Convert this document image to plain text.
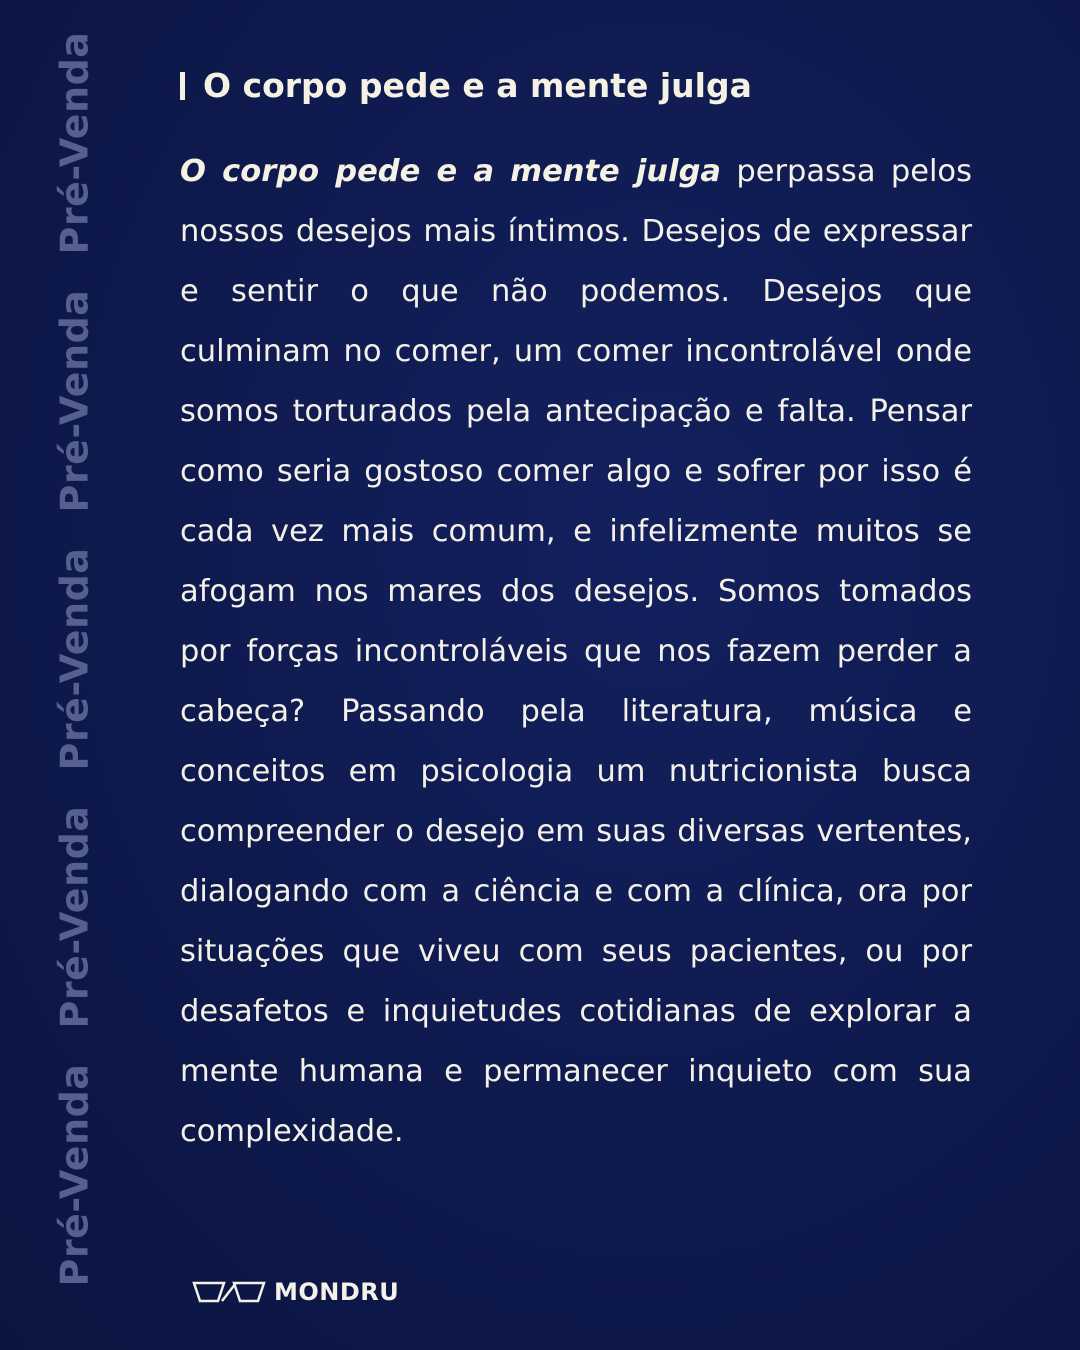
Pré-Venda
Pré-Venda
Pré-Venda
Pré-Venda
Pré-Venda
O corpo pede e a mente julga
O corpo pede e a mente julga perpassa pelos nossos desejos mais íntimos. Desejos de expressar e sentir o que não podemos. Desejos que culminam no comer, um comer incontrolável onde somos torturados pela antecipação e falta. Pensar como seria gostoso comer algo e sofrer por isso é cada vez mais comum, e infelizmente muitos se afogam nos mares dos desejos. Somos tomados por forças incontroláveis que nos fazem perder a cabeça? Passando pela literatura, música e conceitos em psicologia um nutricionista busca compreender o desejo em suas diversas vertentes, dialogando com a ciência e com a clínica, ora por situações que viveu com seus pacientes, ou por desafetos e inquietudes cotidianas de explorar a mente humana e permanecer inquieto com sua complexidade.
MONDRU
